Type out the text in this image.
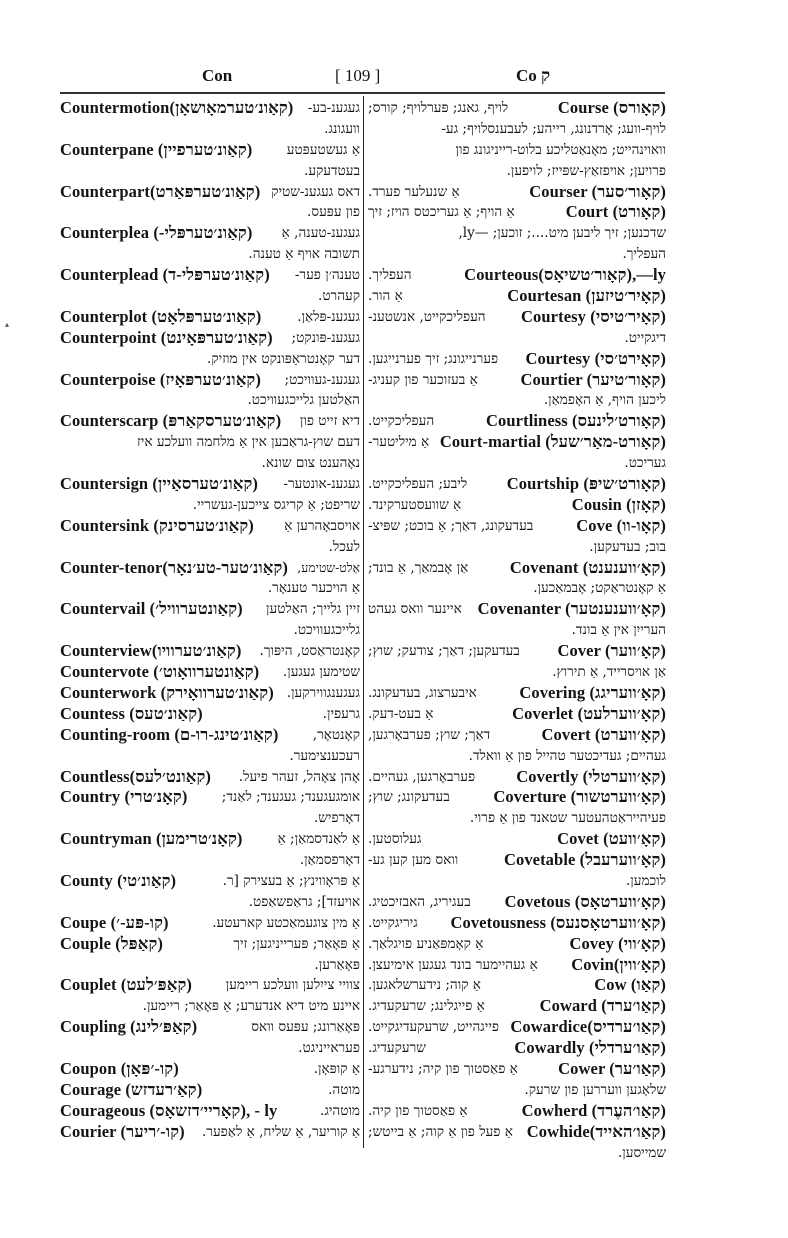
Con	[ 109 ]	Co ק
▴
Countermotion(קאַונ׳טערמאָושאָן) געגענ-בע-
וועגונג.
Counterpane (קאַונ׳טערפיין)	אַ געשטעפּטע
בעטדעקע.
Counterpart(קאַונ׳טערפּאַרט) דאס געגענ-שטיק
פון עפּעס.
Counterplea (-קאַונ׳טערפּלי) געגענ-טענה, אַ
תשובה אויף אַ טענה.
Counterplead (קאַונ׳טערפּלי-ד) טענה׳ן פער-
קעהרט.
Counterplot (קאַונ׳טערפּלאָט)	געגענ-פּלאַן.
Counterpoint (קאַונ׳טערפּאָינט) געגענ-פּונקט;
דער קאָנטראַפּונקט אין מוזיק.
Counterpoise (קאַונ׳טערפּאָיז) געגענ-געוויכט;
האַלטען גלייכגעוויכט.
Counterscarp (קאַונ׳טערסקאַרפּ) דיא זייט פון
דעם שוץ-גראַבען אין אַ מלחמה וועלכע איז
נאָהענט צום שונא.
Countersign (קאַונ׳טערסאַיין) געגענ-אונטער-
שריפט; אַ קריגס צייכען-געשריי.
Countersink (קאַונ׳טערסינק) אויסבאָהרען אַ
לעכל.
Counter-tenor(קאַונ׳טער-טע׳נאָר) אַלט-שטימע,
אַ הויכער טענאָר.
Countervail (קאַונטערוויל׳) זיין גלייך; האַלטען
גלייכגעוויכט.
Counterview(קאַונ׳טערוויו) קאָנטראַסט, היפּוך.
Countervote (קאַונטערוואָוט׳) שטימען געגען.
Counterwork (קאַונ׳טערוואָירק) געגענגווירקען.
Countess (קאַונ׳טעס)	גרעפין.
Counting-room (קאַונ׳טינג-רו-ם)	קאָנטאָר,
רעכענצימער.
Countless(קאַונט׳לעס) אָהן צאָהל, זעהר פיעל.
Country (קאָנ׳טרי)	אומגעגענד; געגענד; לאַנד;
דאָרפיש.
Countryman (קאָנ׳טרימען)	אַ לאַנדסמאַן; אַ
דאָרפסמאַן.
County (קאַונ׳טי)	אַ פּראָווינץ; אַ בעצירק [ר.
אויעזד]; גראַפשאַפט.
Coupe (קו-פּע-׳)	אַ מין צוגעמאַכטע קארעטע.
Couple (קאַפּל)	אַ פּאָאַר; פּערייניגען; זיך
פּאָאַרען.
Couplet (קאַפּ׳לעט) צוויי צייִלען וועלכע ריימען
איינע מיט דיא אנדערע; אַ פּאָאַר; ריימען.
Coupling (קאַפּ׳לינג)	פּאָאַרונג; עפּעס וואס
פעראייניגט.
Coupon (קו-׳פּאָן)	אַ קופּאָן.
Courage (קאַ׳רעדזש)	מוטה.
Courageous (קאָריי׳דזשאָס), - ly	מוטהיג.
Courier (קו-׳ריער) אַ קוריער, אַ שליח, אַ לאַפער.
Course (קאָורס)
לויף, גאנג; פּערלויף; קורס;
לויף-וועג; אָרדנונג, רייהע; לעבענסלויף; גע-
וואוינהייט; מאָנאַטליכע בלוט-רייניגונג פון
פרויען; אויפזאַץ-שפּייז; לויפען.
Courser (קאָור׳סער)
אַ שנעלער פערד.
Court (קאָורט)
אַ הויף; אַ געריכטס הויז; זיך
שדכנען; זיך ליבען מיט....; זוכען; —ly,
העפליך.
Courteous(קאָור׳טשיאָס),—ly
העפליך.
Courtesan (קאָיר׳טיזען)
אַ הור.
Courtesy (קאָיר׳טיסי)
העפליכקייט, אנשטענ-
דיגקייט.
Courtesy (קאָירט׳סי)
פערנייגונג; זיך פערנייגען.
Courtier (קאָור׳טיער)
אַ בעזוכער פון קעניג-
ליכען הויף, אַ האָפמאַן.
Courtliness (קאָורט׳לינעס)
העפליכקייט.
Court-martial (קאָורט-מאַר׳שעל)
אַ מיליטער-
געריכט.
Courtship (קאָורט׳שיפּ)
ליבע; העפליכקייט.
Cousin (קאָזן)
אַ שוועסטערקינד.
Cove (קאָו-וו)
בעדעקונג, דאַך; אַ בוכט; שפּיצ-
בוב; בעדעקען.
Covenant (קאָ׳ווענענט)
אַן אָבמאַך, אַ בונד;
אַ קאָנטראַקט; אָבמאַכען.
Covenanter (קאָ׳ווענענטער)
איינער וואס געהט
הערייִן אין אַ בונד.
Cover (קאָ׳ווער)
בעדעקען; דאַך; צודעק; שוץ;
אַן אויסרייד, אַ תירוץ.
Covering (קאָ׳וועריגג)
איבערצוג, בעדעקונג.
Coverlet (קאָ׳ווערלעט)
אַ בעט-דעק.
Covert (קאָ׳ווערט)
דאַך; שוץ; פערבאָרגען,
געהיים; געדיכטער טהייל פון אַ וואלד.
Covertly (קאָ׳ווערטלי)
פערבאָרגען, געהיים.
Coverture (קאָ׳ווערטשור)
בעדעקונג; שוץ;
פעיהייראַטהעטער שטאנד פון אַ פרוי.
Covet (קאָ׳וועט)
געלוסטען.
Covetable (קאָ׳ווערעבל)
וואס מען קען גע-
לוכמען.
Covetous (קאָ׳ווערטאָס)
בעגיריג, האבזיכטיג.
Covetousness (קאָ׳ווערטאָסנעס)
גיריגקייט.
Covey (קאָ׳ווי)
אַ קאָמפּאַניע פויגלאַך.
Covin(קאָ׳ווין)
אַ געהיימער בונד געגען אימיעצן.
Cow (קאַו)
אַ קוה; נידערשלאגען.
Coward (קאַו׳ערד)
אַ פייגלינג; שרעקעדיג.
Cowardice(קאַו׳ערדיס)
פייגהייט, שרעקעדיגקייט.
Cowardly (קאַו׳ערדלי)
שרעקעדיג.
Cower (קאַו׳ער)
אַ פאַסטוך פון קיה; נידערגע-
שלאָגען וועררען פון שרעק.
Cowherd (קאַו׳העֶרד)
אַ פאַסטוך פון קיה.
Cowhide(קאַו׳האייד)
אַ פעל פון אַ קוה; אַ בייטש;
שמייסען.
